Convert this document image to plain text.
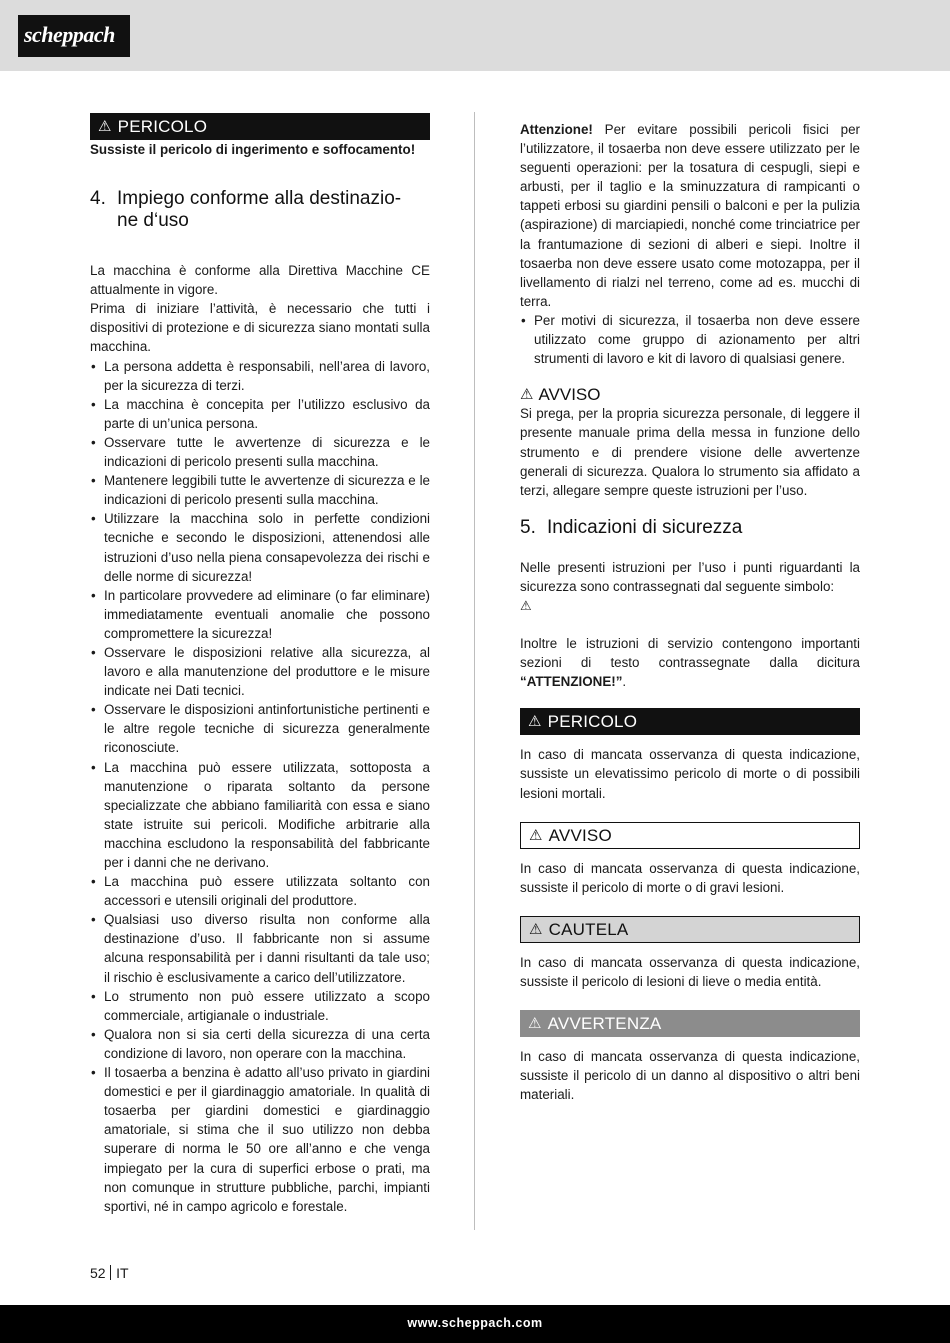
scheppach
⚠ PERICOLO

Sussiste il pericolo di ingerimento e soffocamento!

4. Impiego conforme alla destinazio-
ne d‘uso

La macchina è conforme alla Direttiva Macchine CE attualmente in vigore.

Prima di iniziare l’attività, è necessario che tutti i dispositivi di protezione e di sicurezza siano montati sulla macchina.

• La persona addetta è responsabili, nell’area di lavoro, per la sicurezza di terzi.
• La macchina è concepita per l’utilizzo esclusivo da parte di un’unica persona.
• Osservare tutte le avvertenze di sicurezza e le indicazioni di pericolo presenti sulla macchina.
• Mantenere leggibili tutte le avvertenze di sicurezza e le indicazioni di pericolo presenti sulla macchina.
• Utilizzare la macchina solo in perfette condizioni tecniche e secondo le disposizioni, attenendosi alle istruzioni d’uso nella piena consapevolezza dei rischi e delle norme di sicurezza!
• In particolare provvedere ad eliminare (o far eliminare) immediatamente eventuali anomalie che possono compromettere la sicurezza!
• Osservare le disposizioni relative alla sicurezza, al lavoro e alla manutenzione del produttore e le misure indicate nei Dati tecnici.
• Osservare le disposizioni antinfortunistiche pertinenti e le altre regole tecniche di sicurezza generalmente riconosciute.
• La macchina può essere utilizzata, sottoposta a manutenzione o riparata soltanto da persone specializzate che abbiano familiarità con essa e siano state istruite sui pericoli. Modifiche arbitrarie alla macchina escludono la responsabilità del fabbricante per i danni che ne derivano.
• La macchina può essere utilizzata soltanto con accessori e utensili originali del produttore.
• Qualsiasi uso diverso risulta non conforme alla destinazione d’uso. Il fabbricante non si assume alcuna responsabilità per i danni risultanti da tale uso; il rischio è esclusivamente a carico dell’utilizzatore.
• Lo strumento non può essere utilizzato a scopo commerciale, artigianale o industriale.
• Qualora non si sia certi della sicurezza di una certa condizione di lavoro, non operare con la macchina.
• Il tosaerba a benzina è adatto all’uso privato in giardini domestici e per il giardinaggio amatoriale. In qualità di tosaerba per giardini domestici e giardinaggio amatoriale, si stima che il suo utilizzo non debba superare di norma le 50 ore all’anno e che venga impiegato per la cura di superfici erbose o prati, ma non comunque in strutture pubbliche, parchi, impianti sportivi, né in campo agricolo e forestale.

Attenzione! Per evitare possibili pericoli fisici per l’utilizzatore, il tosaerba non deve essere utilizzato per le seguenti operazioni: per la tosatura di cespugli, siepi e arbusti, per il taglio e la sminuzzatura di rampicanti o tappeti erbosi su giardini pensili o balconi e per la pulizia (aspirazione) di marciapiedi, nonché come trinciatrice per la frantumazione di sezioni di alberi e siepi. Inoltre il tosaerba non deve essere usato come motozappa, per il livellamento di rialzi nel terreno, come ad es. mucchi di terra.

• Per motivi di sicurezza, il tosaerba non deve essere utilizzato come gruppo di azionamento per altri strumenti di lavoro e kit di lavoro di qualsiasi genere.
⚠ AVVISO

Si prega, per la propria sicurezza personale, di leggere il presente manuale prima della messa in funzione dello strumento e di prendere visione delle avvertenze generali di sicurezza. Qualora lo strumento sia affidato a terzi, allegare sempre queste istruzioni per l’uso.

5. Indicazioni di sicurezza

Nelle presenti istruzioni per l’uso i punti riguardanti la sicurezza sono contrassegnati dal seguente simbolo:
⚠

Inoltre le istruzioni di servizio contengono importanti sezioni di testo contrassegnate dalla dicitura “ATTENZIONE!”.

⚠ PERICOLO

In caso di mancata osservanza di questa indicazione, sussiste un elevatissimo pericolo di morte o di possibili lesioni mortali.

⚠ AVVISO

In caso di mancata osservanza di questa indicazione, sussiste il pericolo di morte o di gravi lesioni.

⚠ CAUTELA

In caso di mancata osservanza di questa indicazione, sussiste il pericolo di lesioni di lieve o media entità.

⚠ AVVERTENZA

In caso di mancata osservanza di questa indicazione, sussiste il pericolo di un danno al dispositivo o altri beni materiali.

52 IT
www.scheppach.com
